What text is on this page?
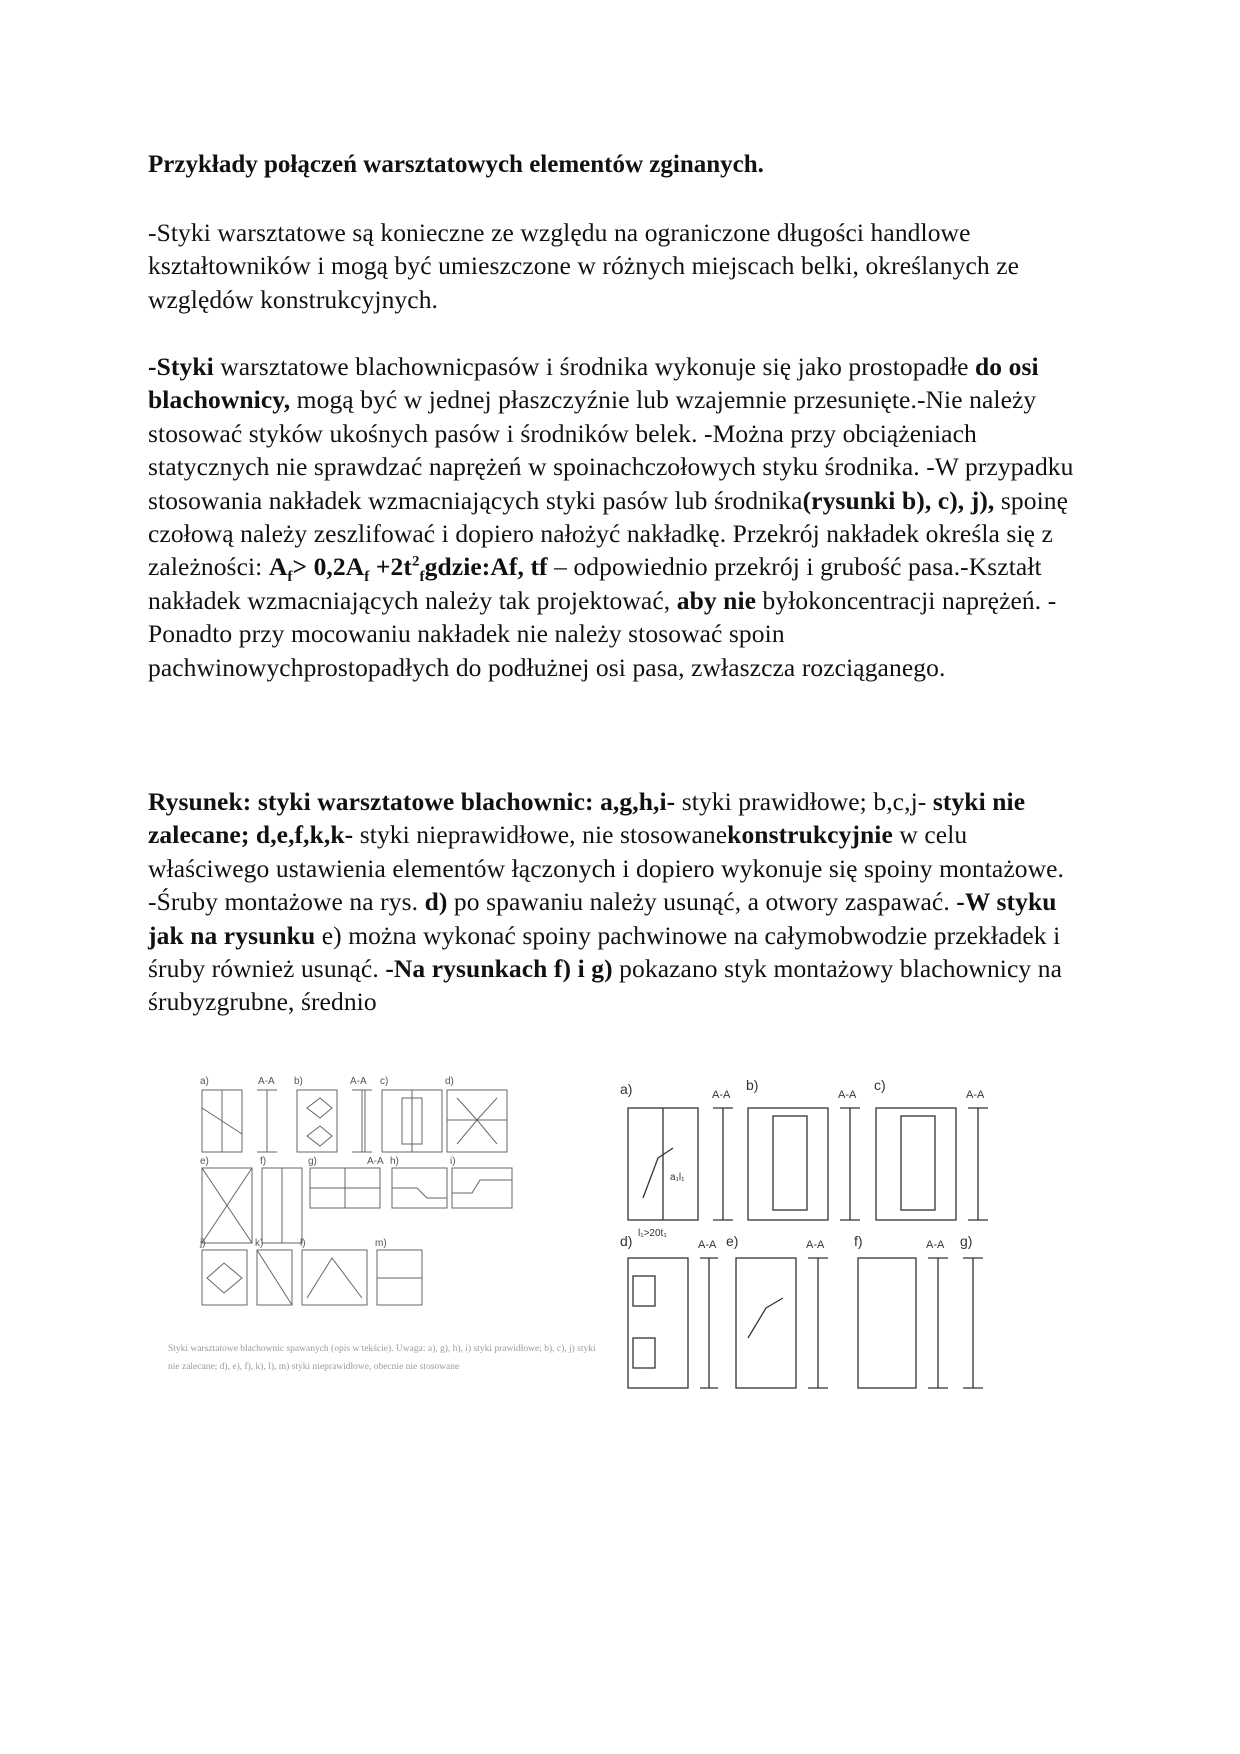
Przykłady połączeń warsztatowych elementów zginanych.

-Styki warsztatowe są konieczne ze względu na ograniczone długości handlowe kształtowników i mogą być umieszczone w różnych miejscach belki, określanych ze względów konstrukcyjnych.

-Styki warsztatowe blachownicpasów i środnika wykonuje się jako prostopadłe do osi blachownicy, mogą być w jednej płaszczyźnie lub wzajemnie przesunięte.-Nie należy stosować styków ukośnych pasów i środników belek. -Można przy obciążeniach statycznych nie sprawdzać naprężeń w spoinachczołowych styku środnika. -W przypadku stosowania nakładek wzmacniających styki pasów lub środnika(rysunki b), c), j), spoinę czołową należy zeszlifować i dopiero nałożyć nakładkę. Przekrój nakładek określa się z zależności: $A_f> 0,2A_f$ $+2t^2_fgdzie:Af$, tf – odpowiednio przekrój i grubość pasa.-Kształt nakładek wzmacniających należy tak projektować, aby nie byłokoncentracji naprężeń. -Ponadto przy mocowaniu nakładek nie należy stosować spoin pachwinowychprostopadłych do podłużnej osi pasa, zwłaszcza rozciąganego.

Rysunek: styki warsztatowe blachownic: a,g,h,i- styki prawidłowe; b,c,j- styki nie zalecane; d,e,f,k,k- styki nieprawidłowe, nie stosowanekonstrukcyjnie w celu właściwego ustawienia elementów łączonych i dopiero wykonuje się spoiny montażowe. -Śruby montażowe na rys. d) po spawaniu należy usunąć, a otwory zaspawać. -W styku jak na rysunku e) można wykonać spoiny pachwinowe na całymobwodzie przekładek i śruby również usunąć. -Na rysunkach f) i g) pokazano styk montażowy blachownicy na śrubyzgrubne, średnio

a)	b)	c)	d)
e)	f)	g)	h)	i)
j)	k)	l)	m)
A-A	A-A
A-A

Styki warsztatowe blachownic spawanych (opis w tekście). Uwaga: a), g), h), i) styki prawidłowe; b), c), j) styki nie zalecane; d), e), f), k), l), m) styki nieprawidłowe, obecnie nie stosowane

a)	b)	c)
d)	e)	f)	g)
A-A	A-A	A-A
A-A	A-A	A-A
l₁>20t₁
a₁l₁
